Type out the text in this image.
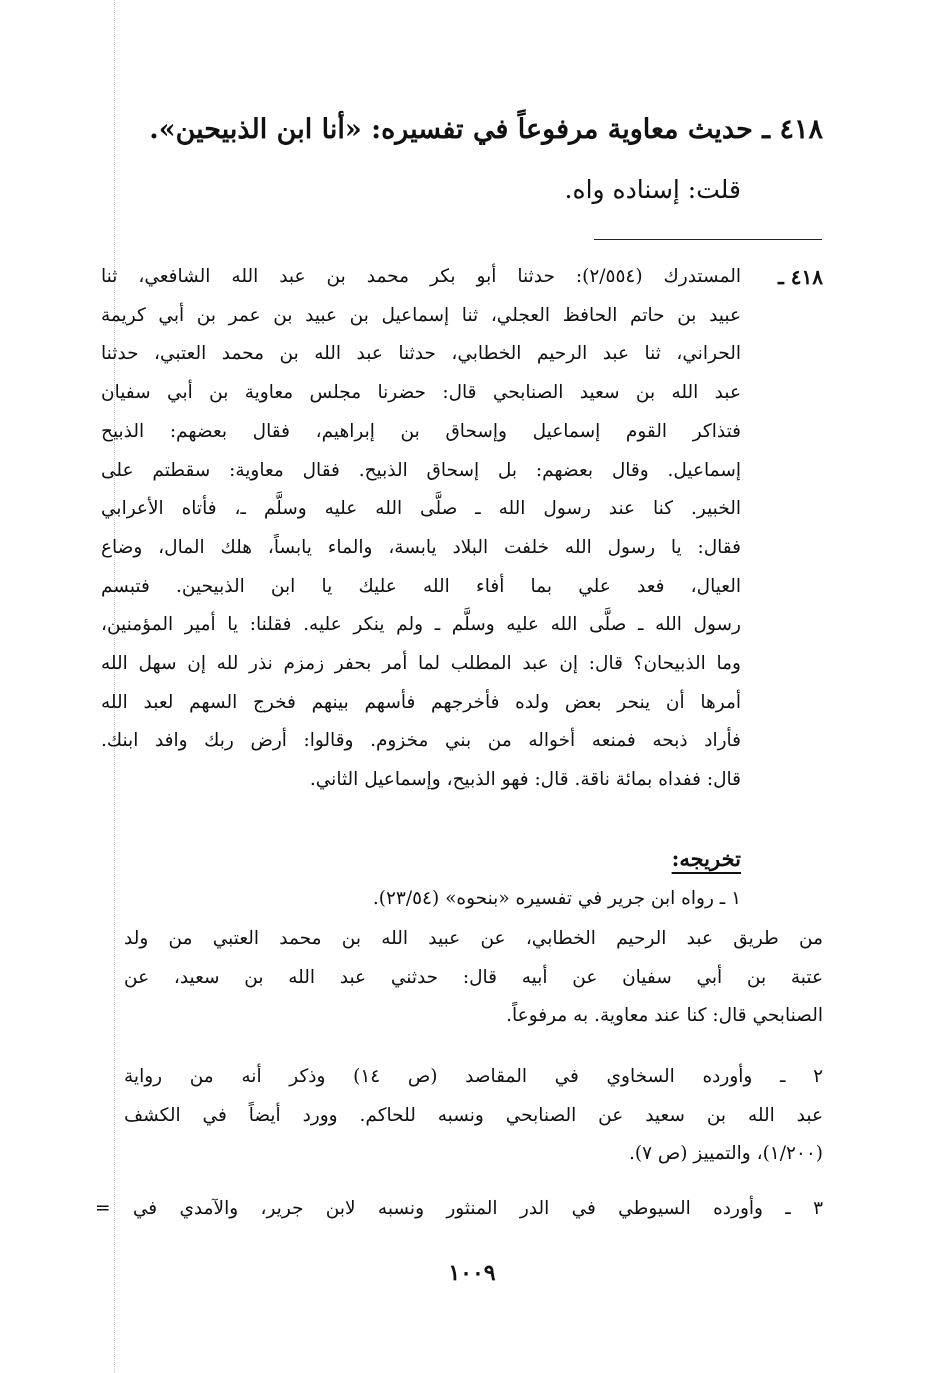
٤١٨ ـ حديث معاوية مرفوعاً في تفسيره: «أنا ابن الذبيحين».
قلت: إسناده واه.
٤١٨ ـ
المستدرك (٢/٥٥٤): حدثنا أبو بكر محمد بن عبد الله الشافعي، ثنا
عبيد بن حاتم الحافظ العجلي، ثنا إسماعيل بن عبيد بن عمر بن أبي كريمة
الحراني، ثنا عبد الرحيم الخطابي، حدثنا عبد الله بن محمد العتبي، حدثنا
عبد الله بن سعيد الصنابحي قال: حضرنا مجلس معاوية بن أبي سفيان
فتذاكر القوم إسماعيل وإسحاق بن إبراهيم، فقال بعضهم: الذبيح
إسماعيل. وقال بعضهم: بل إسحاق الذبيح. فقال معاوية: سقطتم على
الخبير. كنا عند رسول الله ـ صلَّى الله عليه وسلَّم ـ، فأتاه الأعرابي
فقال: يا رسول الله خلفت البلاد يابسة، والماء يابساً، هلك المال، وضاع
العيال، فعد علي بما أفاء الله عليك يا ابن الذبيحين. فتبسم
رسول الله ـ صلَّى الله عليه وسلَّم ـ ولم ينكر عليه. فقلنا: يا أمير المؤمنين،
وما الذبيحان؟ قال: إن عبد المطلب لما أمر بحفر زمزم نذر لله إن سهل الله
أمرها أن ينحر بعض ولده فأخرجهم فأسهم بينهم فخرج السهم لعبد الله
فأراد ذبحه فمنعه أخواله من بني مخزوم. وقالوا: أرض ربك وافد ابنك.
قال: ففداه بمائة ناقة. قال: فهو الذبيح، وإسماعيل الثاني.
تخريجه:
١ ـ رواه ابن جرير في تفسيره «بنحوه» (٢٣/٥٤).
من طريق عبد الرحيم الخطابي، عن عبيد الله بن محمد العتبي من ولد
عتبة بن أبي سفيان عن أبيه قال: حدثني عبد الله بن سعيد، عن
الصنابحي قال: كنا عند معاوية. به مرفوعاً.
٢ ـ وأورده السخاوي في المقاصد (ص ١٤) وذكر أنه من رواية
عبد الله بن سعيد عن الصنابحي ونسبه للحاكم. وورد أيضاً في الكشف
(١/٢٠٠)، والتمييز (ص ٧).
٣ ـ وأورده السيوطي في الدر المنثور ونسبه لابن جرير، والآمدي في =
١٠٠٩
